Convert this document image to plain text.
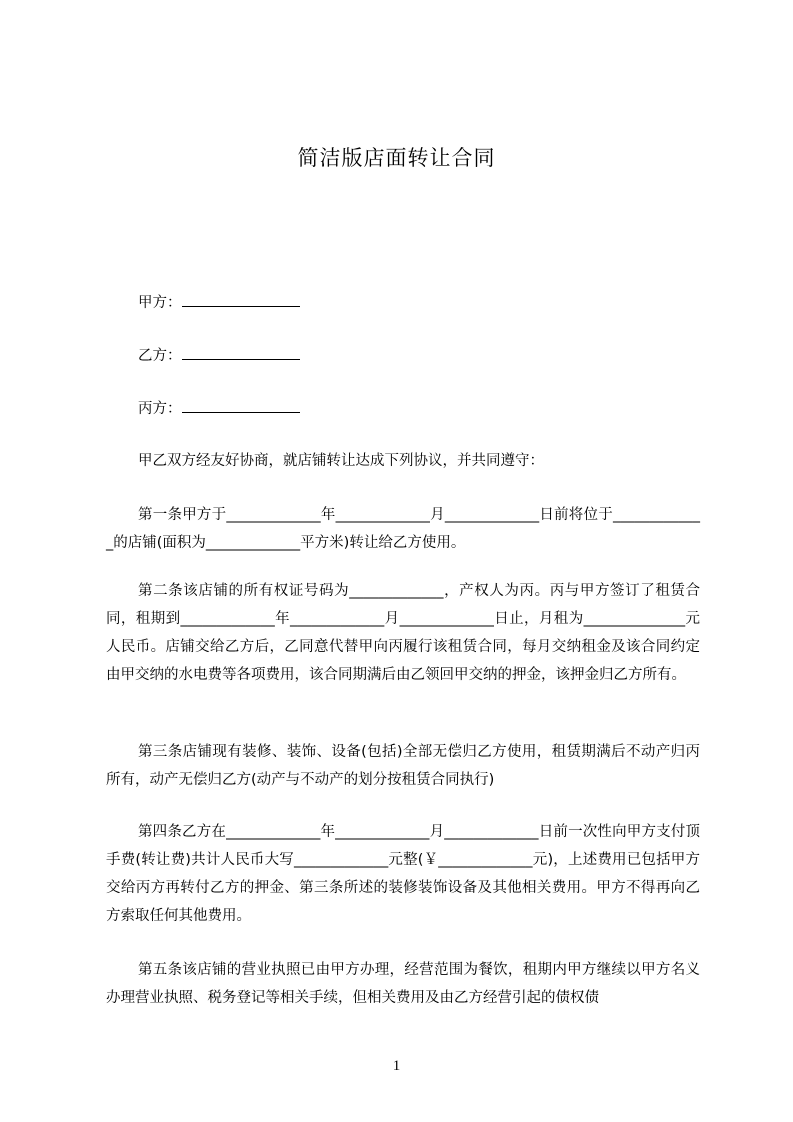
简洁版店面转让合同
甲方：
乙方：
丙方：
甲乙双方经友好协商，就店铺转让达成下列协议，并共同遵守：
第一条甲方于_____________年_____________月_____________日前将位于_____________的店铺(面积为_____________平方米)转让给乙方使用。
第二条该店铺的所有权证号码为_____________，产权人为丙。丙与甲方签订了租赁合同，租期到_____________年_____________月_____________日止，月租为______________元人民币。店铺交给乙方后，乙同意代替甲向丙履行该租赁合同，每月交纳租金及该合同约定由甲交纳的水电费等各项费用，该合同期满后由乙领回甲交纳的押金，该押金归乙方所有。
第三条店铺现有装修、装饰、设备(包括)全部无偿归乙方使用，租赁期满后不动产归丙所有，动产无偿归乙方(动产与不动产的划分按租赁合同执行)
第四条乙方在_____________年_____________月_____________日前一次性向甲方支付顶手费(转让费)共计人民币大写_____________元整(￥_____________元)，上述费用已包括甲方交给丙方再转付乙方的押金、第三条所述的装修装饰设备及其他相关费用。甲方不得再向乙方索取任何其他费用。
第五条该店铺的营业执照已由甲方办理，经营范围为餐饮，租期内甲方继续以甲方名义办理营业执照、税务登记等相关手续，但相关费用及由乙方经营引起的债权债
1
